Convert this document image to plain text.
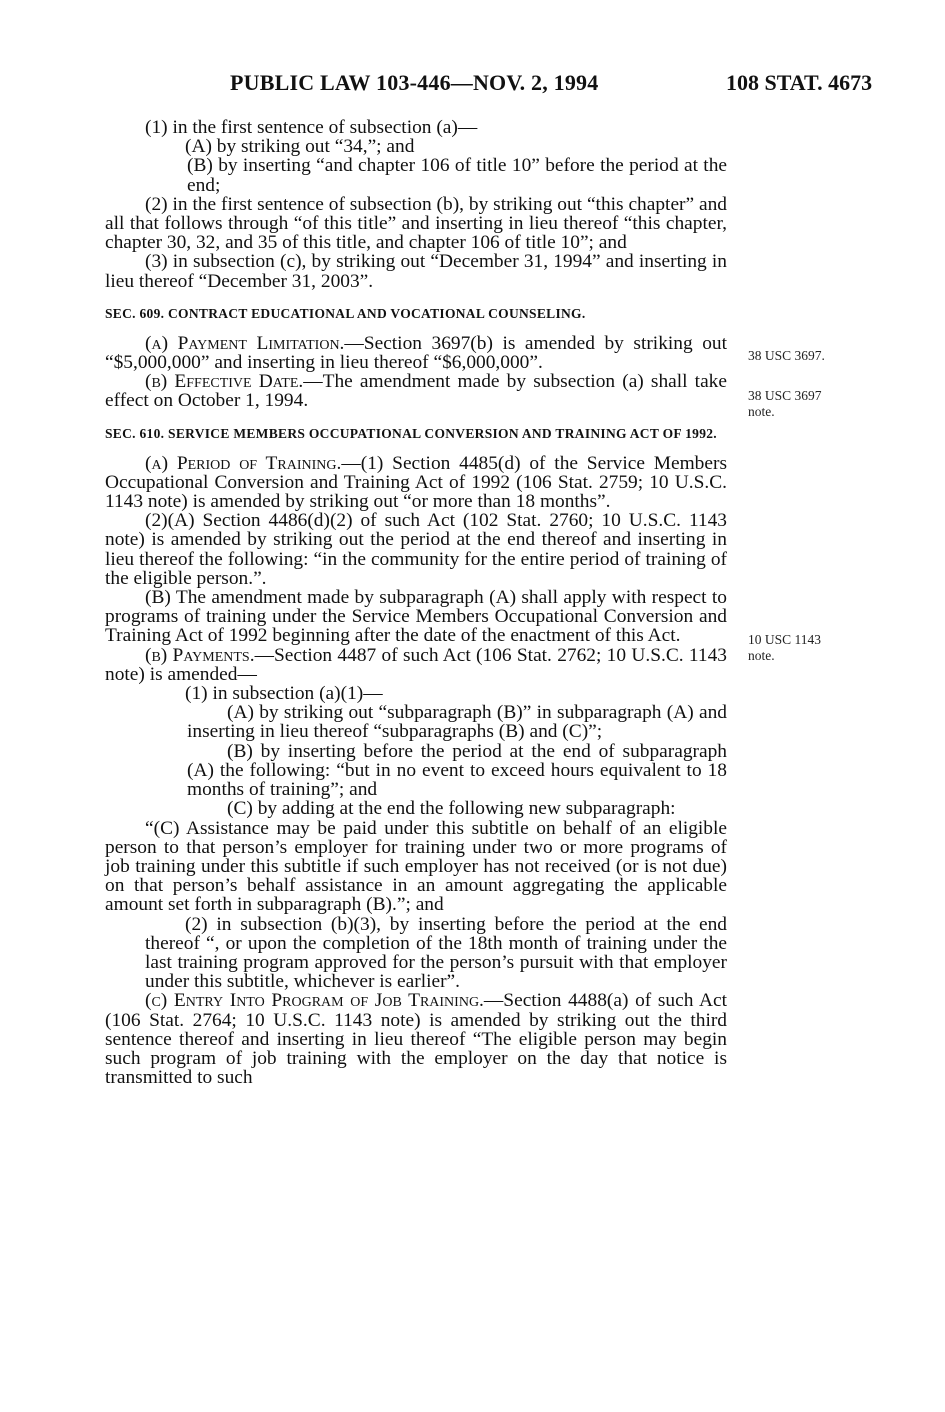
PUBLIC LAW 103-446—NOV. 2, 1994	108 STAT. 4673

(1) in the first sentence of subsection (a)—

(A) by striking out “34,”; and

(B) by inserting “and chapter 106 of title 10” before the period at the end;

(2) in the first sentence of subsection (b), by striking out “this chapter” and all that follows through “of this title” and inserting in lieu thereof “this chapter, chapter 30, 32, and 35 of this title, and chapter 106 of title 10”; and

(3) in subsection (c), by striking out “December 31, 1994” and inserting in lieu thereof “December 31, 2003”.

SEC. 609. CONTRACT EDUCATIONAL AND VOCATIONAL COUNSELING.

(a) Payment Limitation.—Section 3697(b) is amended by striking out “$5,000,000” and inserting in lieu thereof “$6,000,000”.

(b) Effective Date.—The amendment made by subsection (a) shall take effect on October 1, 1994.

SEC. 610. SERVICE MEMBERS OCCUPATIONAL CONVERSION AND TRAINING ACT OF 1992.

(a) Period of Training.—(1) Section 4485(d) of the Service Members Occupational Conversion and Training Act of 1992 (106 Stat. 2759; 10 U.S.C. 1143 note) is amended by striking out “or more than 18 months”.

(2)(A) Section 4486(d)(2) of such Act (102 Stat. 2760; 10 U.S.C. 1143 note) is amended by striking out the period at the end thereof and inserting in lieu thereof the following: “in the community for the entire period of training of the eligible person.”.

(B) The amendment made by subparagraph (A) shall apply with respect to programs of training under the Service Members Occupational Conversion and Training Act of 1992 beginning after the date of the enactment of this Act.

(b) Payments.—Section 4487 of such Act (106 Stat. 2762; 10 U.S.C. 1143 note) is amended—

(1) in subsection (a)(1)—

(A) by striking out “subparagraph (B)” in subparagraph (A) and inserting in lieu thereof “subparagraphs (B) and (C)”;

(B) by inserting before the period at the end of subparagraph (A) the following: “but in no event to exceed hours equivalent to 18 months of training”; and

(C) by adding at the end the following new subparagraph:

“(C) Assistance may be paid under this subtitle on behalf of an eligible person to that person’s employer for training under two or more programs of job training under this subtitle if such employer has not received (or is not due) on that person’s behalf assistance in an amount aggregating the applicable amount set forth in subparagraph (B).”; and

(2) in subsection (b)(3), by inserting before the period at the end thereof “, or upon the completion of the 18th month of training under the last training program approved for the person’s pursuit with that employer under this subtitle, whichever is earlier”.

(c) Entry Into Program of Job Training.—Section 4488(a) of such Act (106 Stat. 2764; 10 U.S.C. 1143 note) is amended by striking out the third sentence thereof and inserting in lieu thereof “The eligible person may begin such program of job training with the employer on the day that notice is transmitted to such

38 USC 3697.
38 USC 3697
note.
10 USC 1143
note.
